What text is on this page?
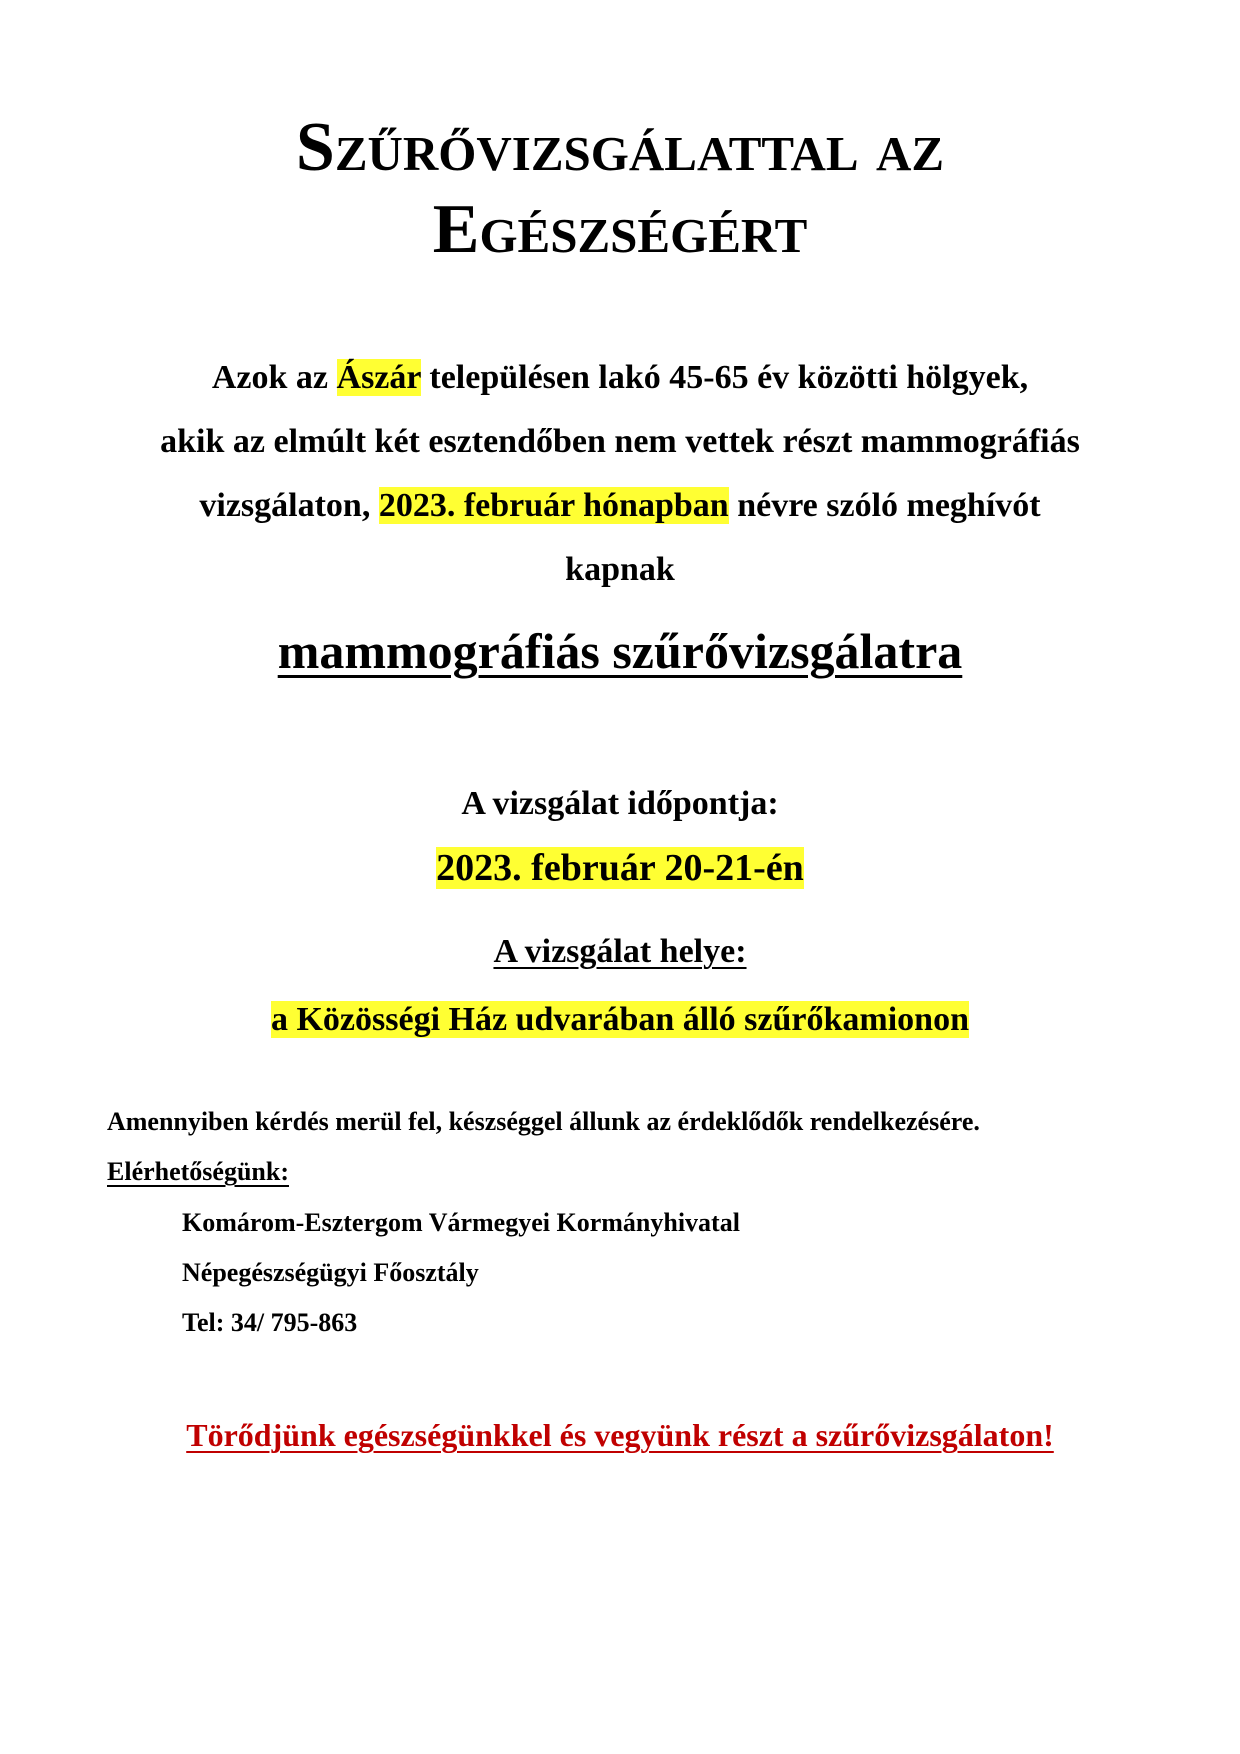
Szűrővizsgálattal az
Egészségért
Azok az Ászár településen lakó 45-65 év közötti hölgyek,
akik az elmúlt két esztendőben nem vettek részt mammográfiás
vizsgálaton, 2023. február hónapban névre szóló meghívót
kapnak
mammográfiás szűrővizsgálatra
A vizsgálat időpontja:
2023. február 20-21-én
A vizsgálat helye:
a Közösségi Ház udvarában álló szűrőkamionon
Amennyiben kérdés merül fel, készséggel állunk az érdeklődők rendelkezésére.
Elérhetőségünk:
Komárom-Esztergom Vármegyei Kormányhivatal
Népegészségügyi Főosztály
Tel: 34/ 795-863
Törődjünk egészségünkkel és vegyünk részt a szűrővizsgálaton!
